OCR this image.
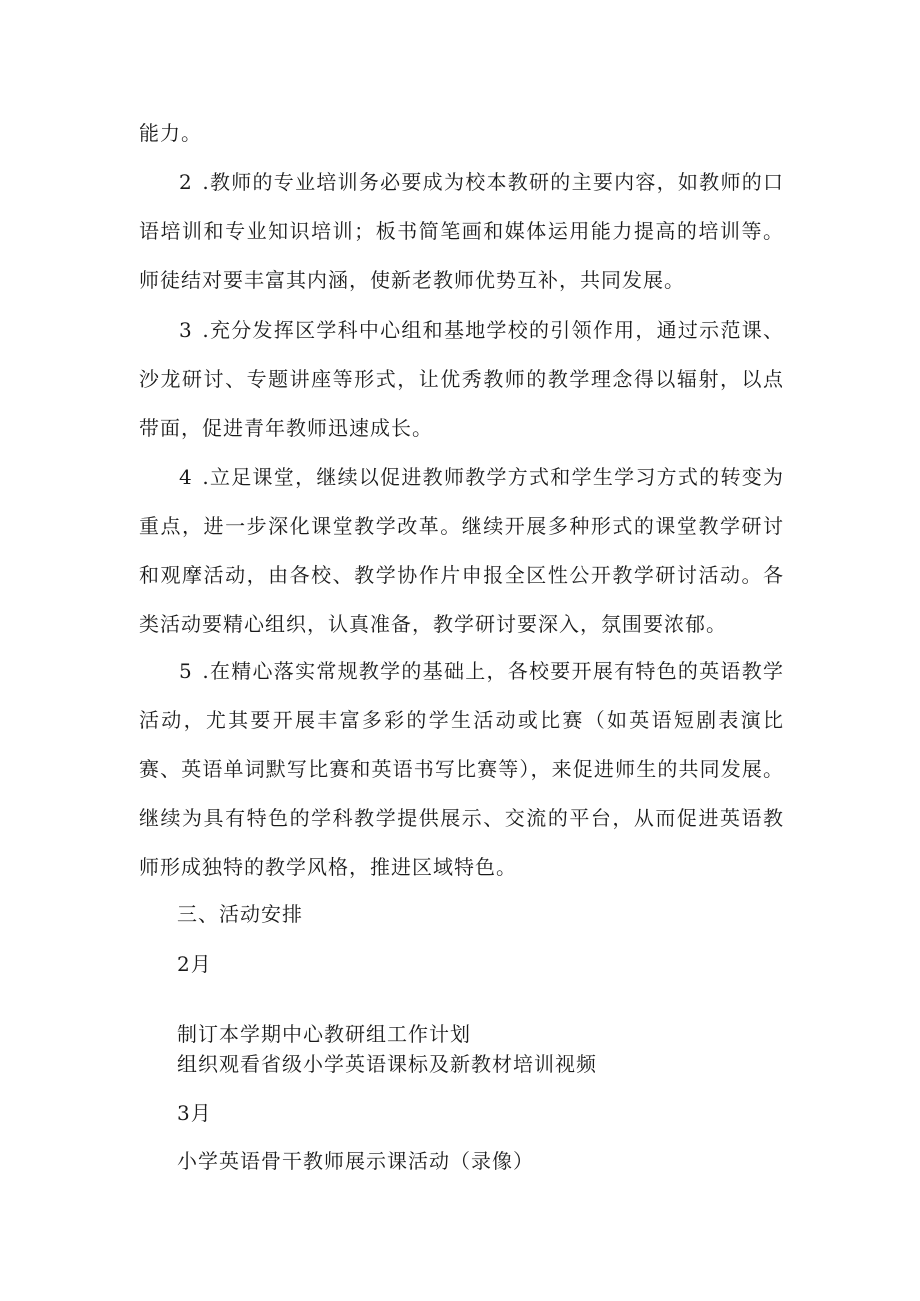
能力。

2 .教师的专业培训务必要成为校本教研的主要内容，如教师的口语培训和专业知识培训；板书简笔画和媒体运用能力提高的培训等。师徒结对要丰富其内涵，使新老教师优势互补，共同发展。

3 .充分发挥区学科中心组和基地学校的引领作用，通过示范课、沙龙研讨、专题讲座等形式，让优秀教师的教学理念得以辐射，以点带面，促进青年教师迅速成长。

4 .立足课堂，继续以促进教师教学方式和学生学习方式的转变为重点，进一步深化课堂教学改革。继续开展多种形式的课堂教学研讨和观摩活动，由各校、教学协作片申报全区性公开教学研讨活动。各类活动要精心组织，认真准备，教学研讨要深入，氛围要浓郁。

5 .在精心落实常规教学的基础上，各校要开展有特色的英语教学活动，尤其要开展丰富多彩的学生活动或比赛（如英语短剧表演比赛、英语单词默写比赛和英语书写比赛等），来促进师生的共同发展。继续为具有特色的学科教学提供展示、交流的平台，从而促进英语教师形成独特的教学风格，推进区域特色。

三、活动安排

2月

制订本学期中心教研组工作计划

组织观看省级小学英语课标及新教材培训视频

3月

小学英语骨干教师展示课活动（录像）
